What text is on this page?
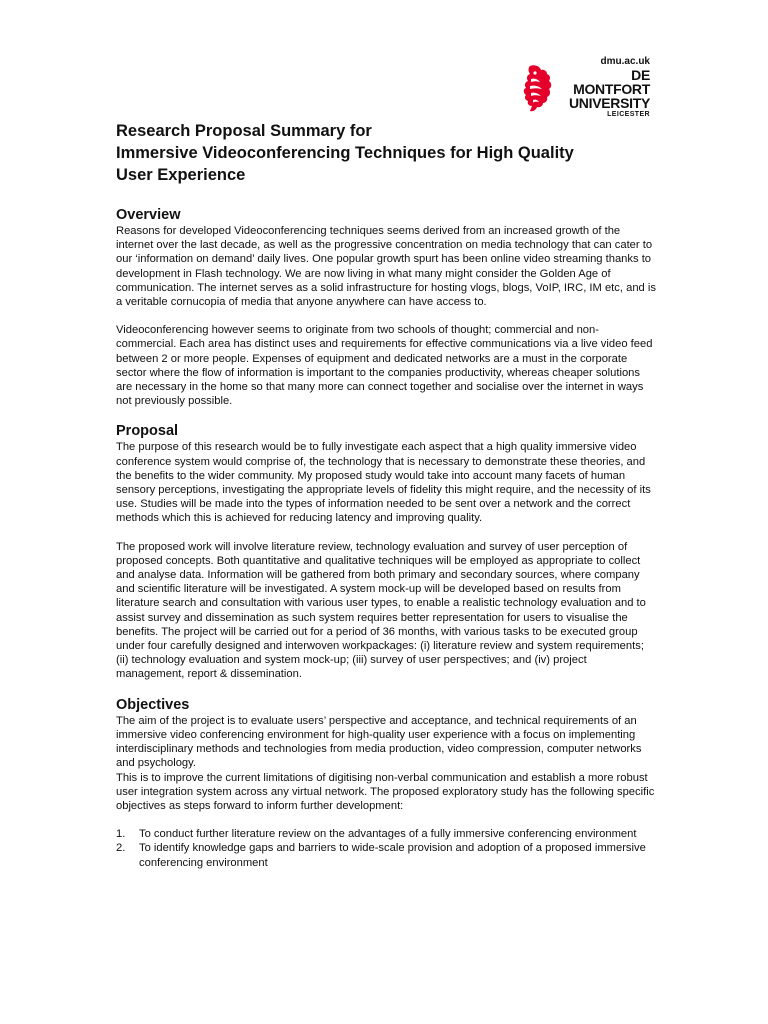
dmu.ac.uk
DE MONTFORT
UNIVERSITY
LEICESTER
Research Proposal Summary for
Immersive Videoconferencing Techniques for High Quality
User Experience
Overview

Reasons for developed Videoconferencing techniques seems derived from an increased growth of the internet over the last decade, as well as the progressive concentration on media technology that can cater to our ‘information on demand’ daily lives. One popular growth spurt has been online video streaming thanks to development in Flash technology. We are now living in what many might consider the Golden Age of communication. The internet serves as a solid infrastructure for hosting vlogs, blogs, VoIP, IRC, IM etc, and is a veritable cornucopia of media that anyone anywhere can have access to.

Videoconferencing however seems to originate from two schools of thought; commercial and non-commercial. Each area has distinct uses and requirements for effective communications via a live video feed between 2 or more people. Expenses of equipment and dedicated networks are a must in the corporate sector where the flow of information is important to the companies productivity, whereas cheaper solutions are necessary in the home so that many more can connect together and socialise over the internet in ways not previously possible.

Proposal

The purpose of this research would be to fully investigate each aspect that a high quality immersive video conference system would comprise of, the technology that is necessary to demonstrate these theories, and the benefits to the wider community. My proposed study would take into account many facets of human sensory perceptions, investigating the appropriate levels of fidelity this might require, and the necessity of its use. Studies will be made into the types of information needed to be sent over a network and the correct methods which this is achieved for reducing latency and improving quality.

The proposed work will involve literature review, technology evaluation and survey of user perception of proposed concepts. Both quantitative and qualitative techniques will be employed as appropriate to collect and analyse data. Information will be gathered from both primary and secondary sources, where company and scientific literature will be investigated. A system mock-up will be developed based on results from literature search and consultation with various user types, to enable a realistic technology evaluation and to assist survey and dissemination as such system requires better representation for users to visualise the benefits. The project will be carried out for a period of 36 months, with various tasks to be executed group under four carefully designed and interwoven workpackages: (i) literature review and system requirements; (ii) technology evaluation and system mock-up; (iii) survey of user perspectives; and (iv) project management, report & dissemination.

Objectives

The aim of the project is to evaluate users’ perspective and acceptance, and technical requirements of an immersive video conferencing environment for high-quality user experience with a focus on implementing interdisciplinary methods and technologies from media production, video compression, computer networks and psychology.

This is to improve the current limitations of digitising non-verbal communication and establish a more robust user integration system across any virtual network. The proposed exploratory study has the following specific objectives as steps forward to inform further development:

1. To conduct further literature review on the advantages of a fully immersive conferencing environment
2. To identify knowledge gaps and barriers to wide-scale provision and adoption of a proposed immersive conferencing environment
